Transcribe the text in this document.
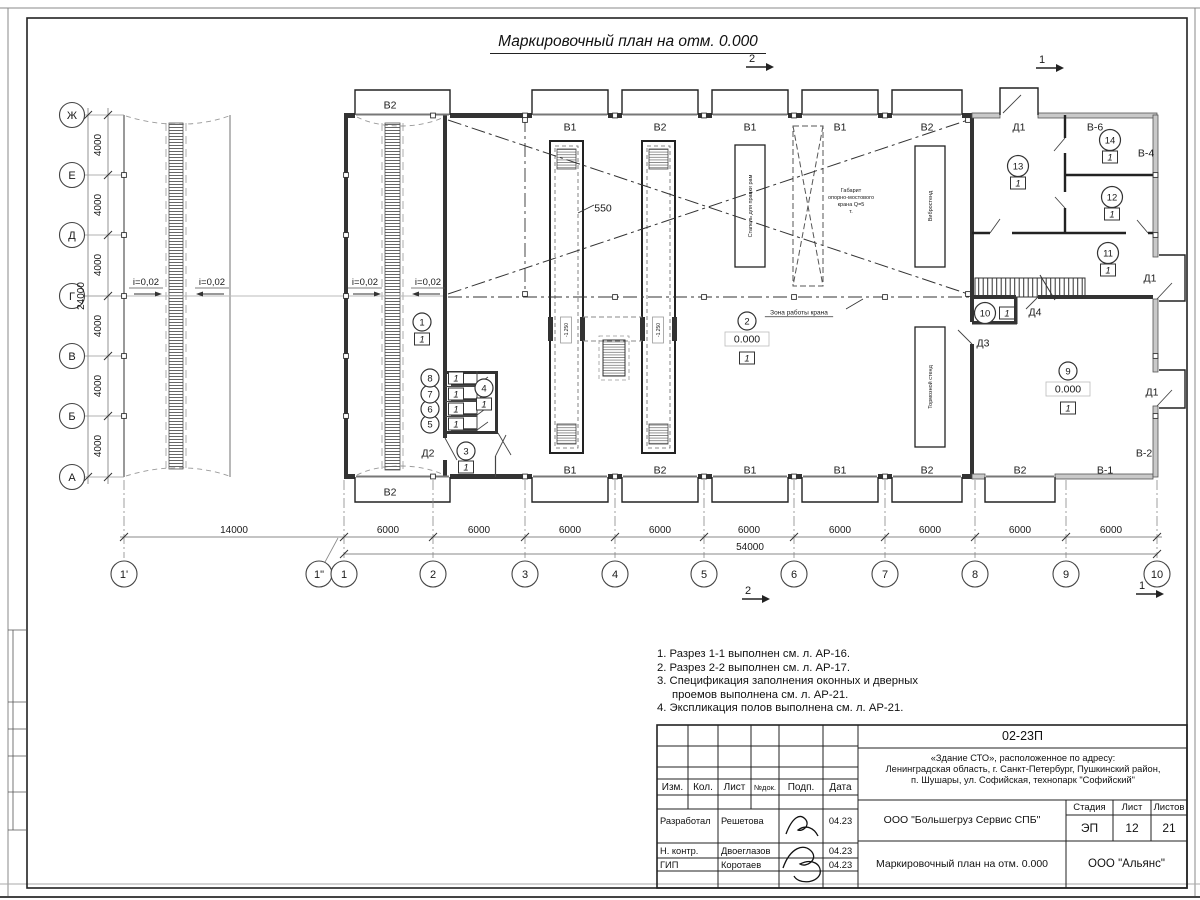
Маркировочный план на отм. 0.000
1. Разрез 1-1 выполнен см. л. АР-16.
2. Разрез 2-2 выполнен см. л. АР-17.
3. Спецификация заполнения оконных и дверных
проемов выполнена см. л. АР-21.
4. Экспликация полов выполнена см. л. АР-21.
02-23П
«Здание СТО», расположенное по адресу:
Ленинградская область, г. Санкт-Петербург, Пушкинский район,
п. Шушары, ул. Софийская, технопарк "Софийский"
Изм. Кол.	Лист	№док.	Подп.	Дата
Разработал	Решетова	04.23
Н. контр.	Двоеглазов	04.23
ГИП	Коротаев	04.23
ООО "Большегруз Сервис СПБ"
Стадия	Лист	Листов
ЭП	12	21
Маркировочный план на отм. 0.000	ООО "Альянс"
Ж
Е
Д
Г
В
Б
А
1'	1" 1	2	3	4	5	6	7	8	9	10
14000	6000	6000	6000	6000	6000	6000	6000	6000	6000
54000
4000
4000
4000
4000
4000
4000
24000
В2
В1	В2	В1	В1	В2	Д1	В-6
В-4
Д1
Д1
В-2
В-1
В2
В2
В1
В1
В2
В1
В2
Д2
Д3
Д4
550
-1.250	-1.250
Стапель для правки рам	Вибростенд
Тормозной стенд
Зона работы крана
Габарит опорно-мостового крана Q=5 т.
1
1
2
0.000
1
3
1
4
1
5 1
6 1
7 1
8 1
9
0.000
1
10 1
11
1
12
1
13
1
14
1
i=0,02	i=0,02	i=0,02	i=0,02
2
2
1
1
